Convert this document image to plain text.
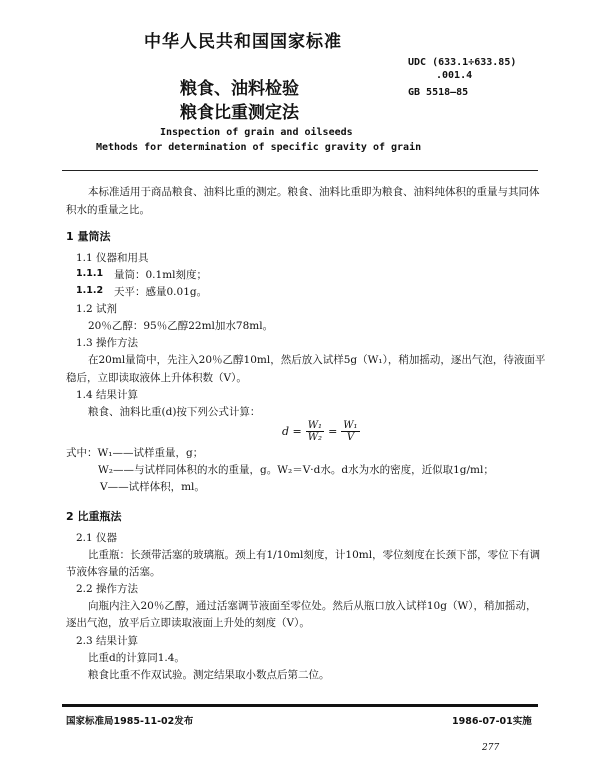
中华人民共和国国家标准
UDC (633.1÷633.85)
.001.4
GB 5518—85
粮食、油料检验
粮食比重测定法
Inspection of grain and oilseeds
Methods for determination of specific gravity of grain
本标准适用于商品粮食、油料比重的测定。粮食、油料比重即为粮食、油料纯体积的重量与其同体
积水的重量之比。
1 量筒法
1.1 仪器和用具
1.1.1 量筒：0.1ml刻度；
1.1.2 天平：感量0.01g。
1.2 试剂
20％乙醇：95％乙醇22ml加水78ml。
1.3 操作方法
在20ml量筒中，先注入20％乙醇10ml，然后放入试样5g（W₁），稍加摇动，逐出气泡，待液面平
稳后，立即读取液体上升体积数（V）。
1.4 结果计算
粮食、油料比重(d)按下列公式计算：
$d = \frac{\text{W₁}}{\text{W₂}} = \frac{\text{W₁}}{V}$
式中：W₁——试样重量，g；
W₂——与试样同体积的水的重量，g。W₂＝V·d水。d水为水的密度，近似取1g/ml；
V——试样体积，ml。
2 比重瓶法
2.1 仪器
比重瓶：长颈带活塞的玻璃瓶。颈上有1/10ml刻度，计10ml，零位刻度在长颈下部，零位下有调
节液体容量的活塞。
2.2 操作方法
向瓶内注入20％乙醇，通过活塞调节液面至零位处。然后从瓶口放入试样10g（W），稍加摇动，
逐出气泡，放平后立即读取液面上升处的刻度（V）。
2.3 结果计算
比重d的计算同1.4。
粮食比重不作双试验。测定结果取小数点后第二位。
国家标准局1985-11-02发布	1986-07-01实施
277
